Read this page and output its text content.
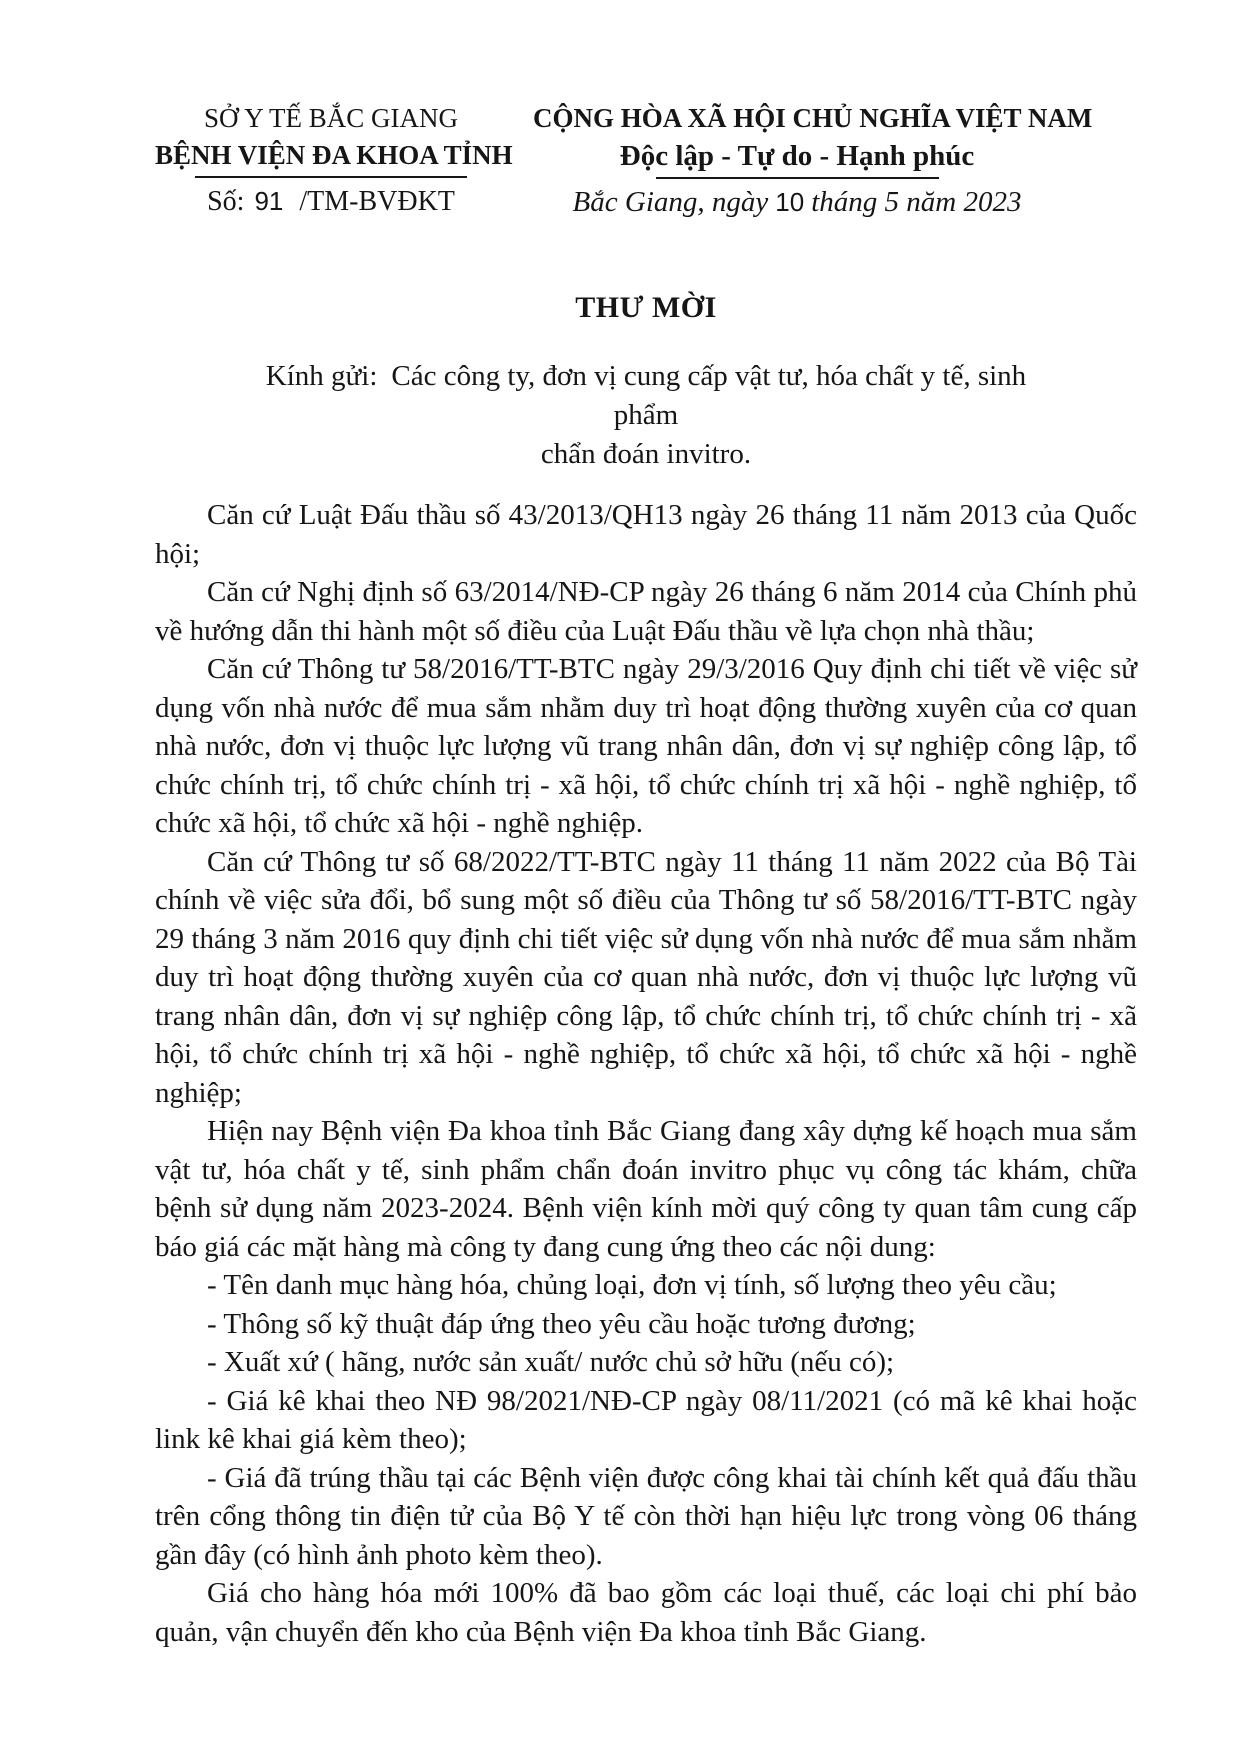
SỞ Y TẾ BẮC GIANG
BỆNH VIỆN ĐA KHOA TỈNH
Số: 91 /TM-BVĐKT
CỘNG HÒA XÃ HỘI CHỦ NGHĨA VIỆT NAM
Độc lập - Tự do - Hạnh phúc
Bắc Giang, ngày 10 tháng 5 năm 2023
THƯ MỜI
Kính gửi: Các công ty, đơn vị cung cấp vật tư, hóa chất y tế, sinh phẩm
chẩn đoán invitro.

Căn cứ Luật Đấu thầu số 43/2013/QH13 ngày 26 tháng 11 năm 2013 của Quốc hội;

Căn cứ Nghị định số 63/2014/NĐ-CP ngày 26 tháng 6 năm 2014 của Chính phủ về hướng dẫn thi hành một số điều của Luật Đấu thầu về lựa chọn nhà thầu;

Căn cứ Thông tư 58/2016/TT-BTC ngày 29/3/2016 Quy định chi tiết về việc sử dụng vốn nhà nước để mua sắm nhằm duy trì hoạt động thường xuyên của cơ quan nhà nước, đơn vị thuộc lực lượng vũ trang nhân dân, đơn vị sự nghiệp công lập, tổ chức chính trị, tổ chức chính trị - xã hội, tổ chức chính trị xã hội - nghề nghiệp, tổ chức xã hội, tổ chức xã hội - nghề nghiệp.

Căn cứ Thông tư số 68/2022/TT-BTC ngày 11 tháng 11 năm 2022 của Bộ Tài chính về việc sửa đổi, bổ sung một số điều của Thông tư số 58/2016/TT-BTC ngày 29 tháng 3 năm 2016 quy định chi tiết việc sử dụng vốn nhà nước để mua sắm nhằm duy trì hoạt động thường xuyên của cơ quan nhà nước, đơn vị thuộc lực lượng vũ trang nhân dân, đơn vị sự nghiệp công lập, tổ chức chính trị, tổ chức chính trị - xã hội, tổ chức chính trị xã hội - nghề nghiệp, tổ chức xã hội, tổ chức xã hội - nghề nghiệp;

Hiện nay Bệnh viện Đa khoa tỉnh Bắc Giang đang xây dựng kế hoạch mua sắm vật tư, hóa chất y tế, sinh phẩm chẩn đoán invitro phục vụ công tác khám, chữa bệnh sử dụng năm 2023-2024. Bệnh viện kính mời quý công ty quan tâm cung cấp báo giá các mặt hàng mà công ty đang cung ứng theo các nội dung:

- Tên danh mục hàng hóa, chủng loại, đơn vị tính, số lượng theo yêu cầu;

- Thông số kỹ thuật đáp ứng theo yêu cầu hoặc tương đương;

- Xuất xứ ( hãng, nước sản xuất/ nước chủ sở hữu (nếu có);

- Giá kê khai theo NĐ 98/2021/NĐ-CP ngày 08/11/2021 (có mã kê khai hoặc link kê khai giá kèm theo);

- Giá đã trúng thầu tại các Bệnh viện được công khai tài chính kết quả đấu thầu trên cổng thông tin điện tử của Bộ Y tế còn thời hạn hiệu lực trong vòng 06 tháng gần đây (có hình ảnh photo kèm theo).

Giá cho hàng hóa mới 100% đã bao gồm các loại thuế, các loại chi phí bảo quản, vận chuyển đến kho của Bệnh viện Đa khoa tỉnh Bắc Giang.
